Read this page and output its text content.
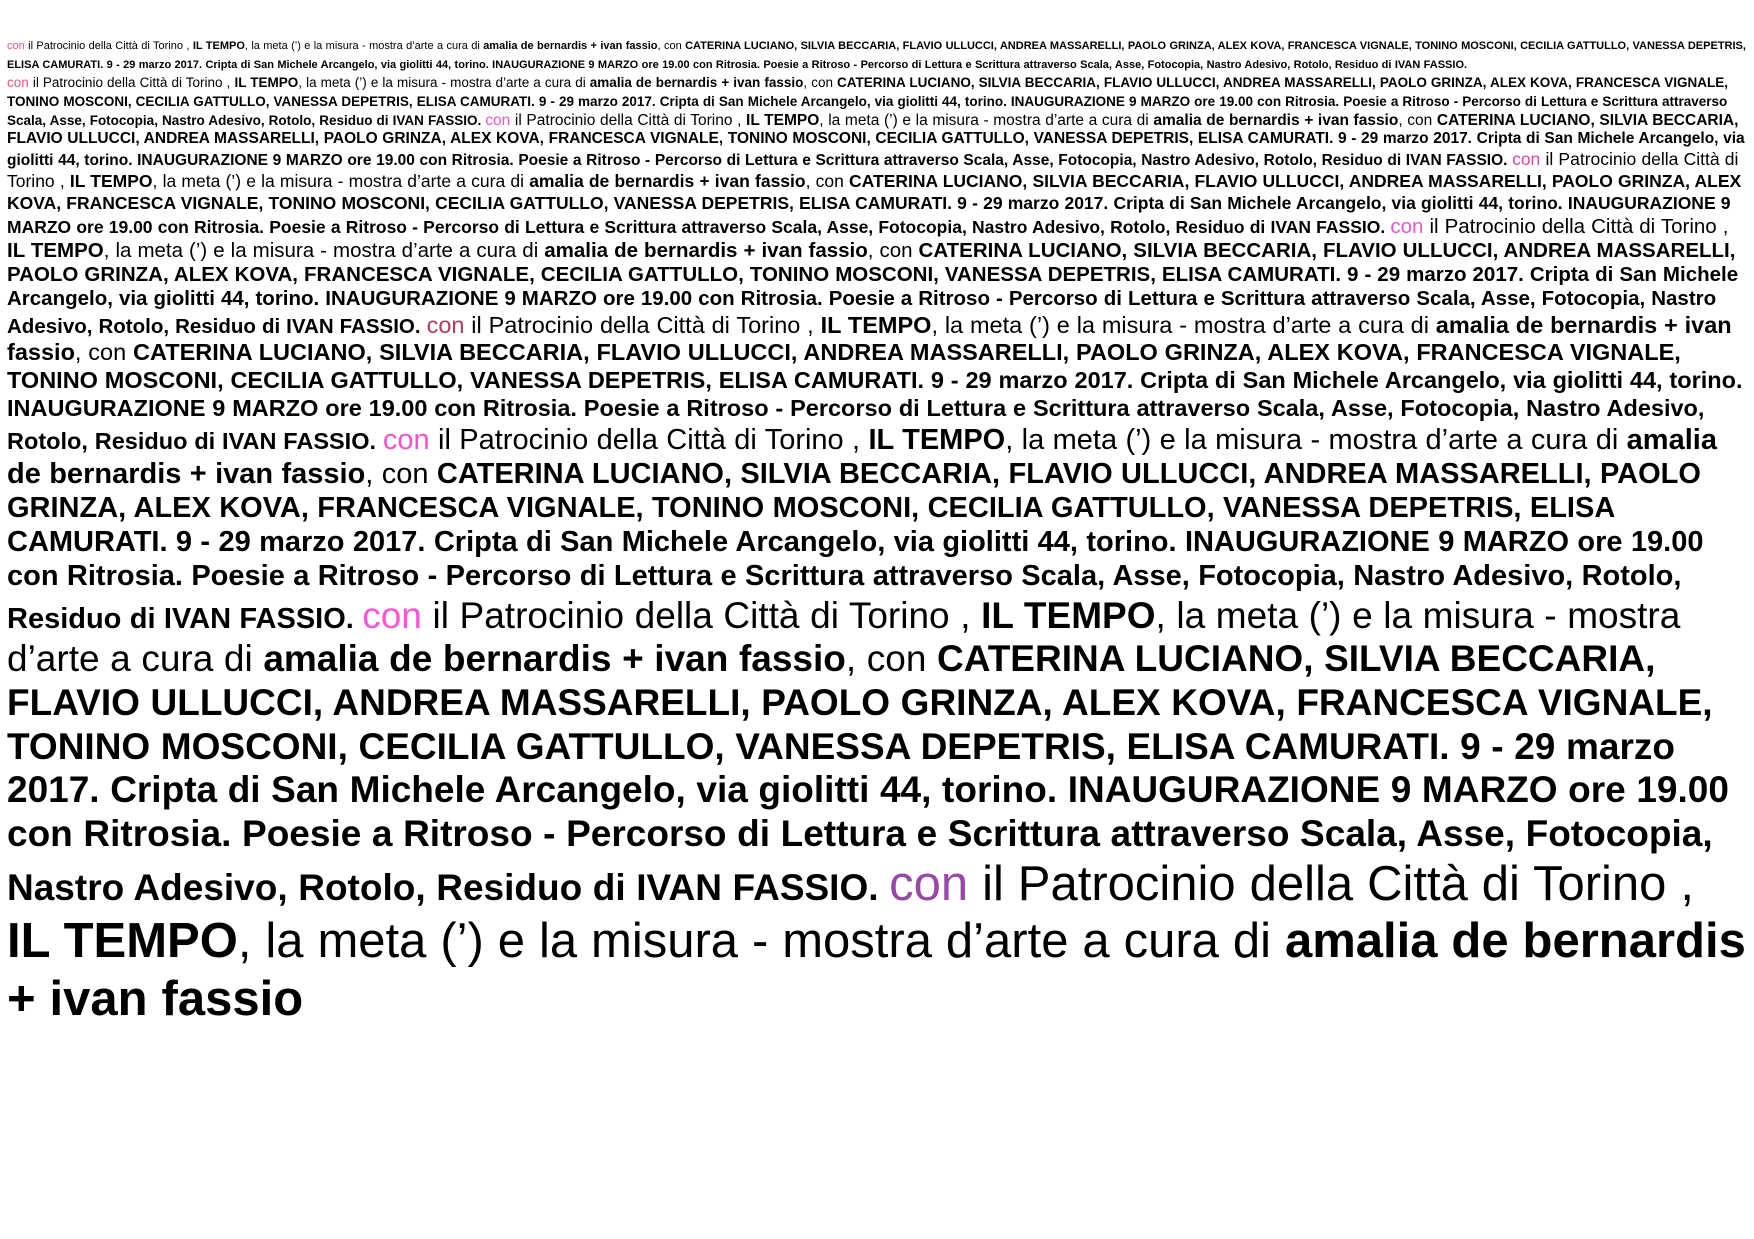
con il Patrocinio della Città di Torino , IL TEMPO, la meta (’) e la misura - mostra d’arte a cura di amalia de bernardis + ivan fassio, con CATERINA LUCIANO, SILVIA BECCARIA, FLAVIO ULLUCCI, ANDREA MASSARELLI, PAOLO GRINZA, ALEX KOVA, FRANCESCA VIGNALE, TONINO MOSCONI, CECILIA GATTULLO, VANESSA DEPETRIS, ELISA CAMURATI. 9 - 29 marzo 2017. Cripta di San Michele Arcangelo, via giolitti 44, torino. INAUGURAZIONE 9 MARZO ore 19.00 con Ritrosia. Poesie a Ritroso - Percorso di Lettura e Scrittura attraverso Scala, Asse, Fotocopia, Nastro Adesivo, Rotolo, Residuo di IVAN FASSIO.
con il Patrocinio della Città di Torino , IL TEMPO, la meta (’) e la misura - mostra d’arte a cura di amalia de bernardis + ivan fassio, con CATERINA LUCIANO, SILVIA BECCARIA, FLAVIO ULLUCCI, ANDREA MASSARELLI, PAOLO GRINZA, ALEX KOVA, FRANCESCA VIGNALE, TONINO MOSCONI, CECILIA GATTULLO, VANESSA DEPETRIS, ELISA CAMURATI. 9 - 29 marzo 2017. Cripta di San Michele Arcangelo, via giolitti 44, torino. INAUGURAZIONE 9 MARZO ore 19.00 con Ritrosia. Poesie a Ritroso - Percorso di Lettura e Scrittura attraverso Scala, Asse, Fotocopia, Nastro Adesivo, Rotolo, Residuo di IVAN FASSIO. con il Patrocinio della Città di Torino , IL TEMPO, la meta (’) e la misura - mostra d’arte a cura di amalia de bernardis + ivan fassio, con CATERINA LUCIANO, SILVIA BECCARIA, FLAVIO ULLUCCI, ANDREA MASSARELLI, PAOLO GRINZA, ALEX KOVA, FRANCESCA VIGNALE, TONINO MOSCONI, CECILIA GATTULLO, VANESSA DEPETRIS, ELISA CAMURATI. 9 - 29 marzo 2017. Cripta di San Michele Arcangelo, via giolitti 44, torino. INAUGURAZIONE 9 MARZO ore 19.00 con Ritrosia. Poesie a Ritroso - Percorso di Lettura e Scrittura attraverso Scala, Asse, Fotocopia, Nastro Adesivo, Rotolo, Residuo di IVAN FASSIO. con il Patrocinio della Città di Torino , IL TEMPO, la meta (’) e la misura - mostra d’arte a cura di amalia de bernardis + ivan fassio, con CATERINA LUCIANO, SILVIA BECCARIA, FLAVIO ULLUCCI, ANDREA MASSARELLI, PAOLO GRINZA, ALEX KOVA, FRANCESCA VIGNALE, TONINO MOSCONI, CECILIA GATTULLO, VANESSA DEPETRIS, ELISA CAMURATI. 9 - 29 marzo 2017. Cripta di San Michele Arcangelo, via giolitti 44, torino. INAUGURAZIONE 9 MARZO ore 19.00 con Ritrosia. Poesie a Ritroso - Percorso di Lettura e Scrittura attraverso Scala, Asse, Fotocopia, Nastro Adesivo, Rotolo, Residuo di IVAN FASSIO. con il Patrocinio della Città di Torino , IL TEMPO, la meta (’) e la misura - mostra d’arte a cura di amalia de bernardis + ivan fassio, con CATERINA LUCIANO, SILVIA BECCARIA, FLAVIO ULLUCCI, ANDREA MASSARELLI, PAOLO GRINZA, ALEX KOVA, FRANCESCA VIGNALE, CECILIA GATTULLO, TONINO MOSCONI, VANESSA DEPETRIS, ELISA CAMURATI. 9 - 29 marzo 2017. Cripta di San Michele Arcangelo, via giolitti 44, torino. INAUGURAZIONE 9 MARZO ore 19.00 con Ritrosia. Poesie a Ritroso - Percorso di Lettura e Scrittura attraverso Scala, Asse, Fotocopia, Nastro Adesivo, Rotolo, Residuo di IVAN FASSIO. con il Patrocinio della Città di Torino , IL TEMPO, la meta (’) e la misura - mostra d’arte a cura di amalia de bernardis + ivan fassio, con CATERINA LUCIANO, SILVIA BECCARIA, FLAVIO ULLUCCI, ANDREA MASSARELLI, PAOLO GRINZA, ALEX KOVA, FRANCESCA VIGNALE, TONINO MOSCONI, CECILIA GATTULLO, VANESSA DEPETRIS, ELISA CAMURATI. 9 - 29 marzo 2017. Cripta di San Michele Arcangelo, via giolitti 44, torino. INAUGURAZIONE 9 MARZO ore 19.00 con Ritrosia. Poesie a Ritroso - Percorso di Lettura e Scrittura attraverso Scala, Asse, Fotocopia, Nastro Adesivo, Rotolo, Residuo di IVAN FASSIO. con il Patrocinio della Città di Torino , IL TEMPO, la meta (’) e la misura - mostra d’arte a cura di amalia de bernardis + ivan fassio, con CATERINA LUCIANO, SILVIA BECCARIA, FLAVIO ULLUCCI, ANDREA MASSARELLI, PAOLO GRINZA, ALEX KOVA, FRANCESCA VIGNALE, TONINO MOSCONI, CECILIA GATTULLO, VANESSA DEPETRIS, ELISA CAMURATI. 9 - 29 marzo 2017. Cripta di San Michele Arcangelo, via giolitti 44, torino. INAUGURAZIONE 9 MARZO ore 19.00 con Ritrosia. Poesie a Ritroso - Percorso di Lettura e Scrittura attraverso Scala, Asse, Fotocopia, Nastro Adesivo, Rotolo, Residuo di IVAN FASSIO. con il Patrocinio della Città di Torino , IL TEMPO, la meta (’) e la misura - mostra d’arte a cura di amalia de bernardis + ivan fassio, con CATERINA LUCIANO, SILVIA BECCARIA, FLAVIO ULLUCCI, ANDREA MASSARELLI, PAOLO GRINZA, ALEX KOVA, FRANCESCA VIGNALE, TONINO MOSCONI, CECILIA GATTULLO, VANESSA DEPETRIS, ELISA CAMURATI. 9 - 29 marzo 2017. Cripta di San Michele Arcangelo, via giolitti 44, torino. INAUGURAZIONE 9 MARZO ore 19.00 con Ritrosia. Poesie a Ritroso - Percorso di Lettura e Scrittura attraverso Scala, Asse, Fotocopia, Nastro Adesivo, Rotolo, Residuo di IVAN FASSIO. con il Patrocinio della Città di Torino , IL TEMPO, la meta (’) e la misura - mostra d’arte a cura di amalia de bernardis + ivan fassio
